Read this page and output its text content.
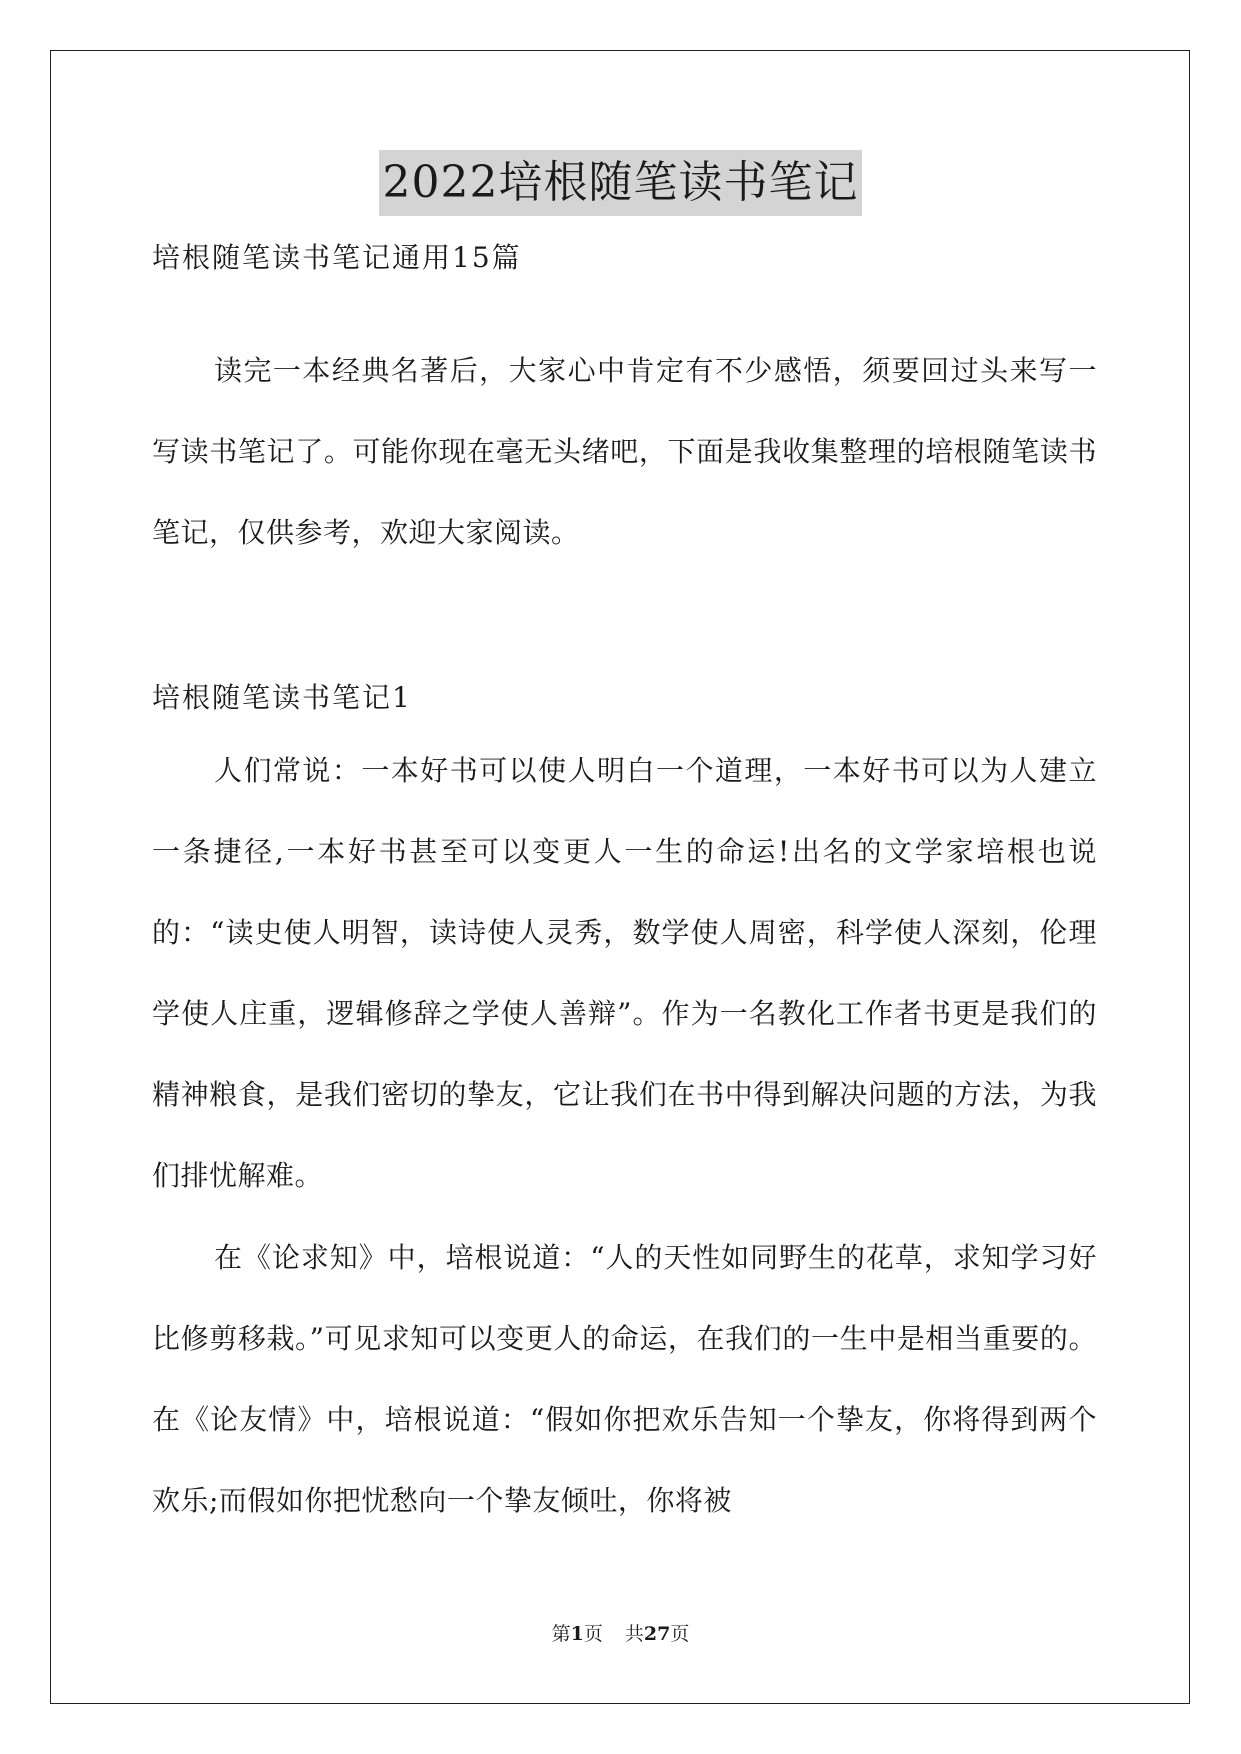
2022培根随笔读书笔记
培根随笔读书笔记通用15篇

读完一本经典名著后，大家心中肯定有不少感悟，须要回过头来写一写读书笔记了。可能你现在毫无头绪吧，下面是我收集整理的培根随笔读书笔记，仅供参考，欢迎大家阅读。

培根随笔读书笔记1

人们常说：一本好书可以使人明白一个道理，一本好书可以为人建立一条捷径,一本好书甚至可以变更人一生的命运!出名的文学家培根也说的：“读史使人明智，读诗使人灵秀，数学使人周密，科学使人深刻，伦理学使人庄重，逻辑修辞之学使人善辩”。作为一名教化工作者书更是我们的精神粮食，是我们密切的挚友，它让我们在书中得到解决问题的方法，为我们排忧解难。

在《论求知》中，培根说道：“人的天性如同野生的花草，求知学习好比修剪移栽。”可见求知可以变更人的命运，在我们的一生中是相当重要的。在《论友情》中，培根说道：“假如你把欢乐告知一个挚友，你将得到两个欢乐;而假如你把忧愁向一个挚友倾吐，你将被

第1页 共27页
